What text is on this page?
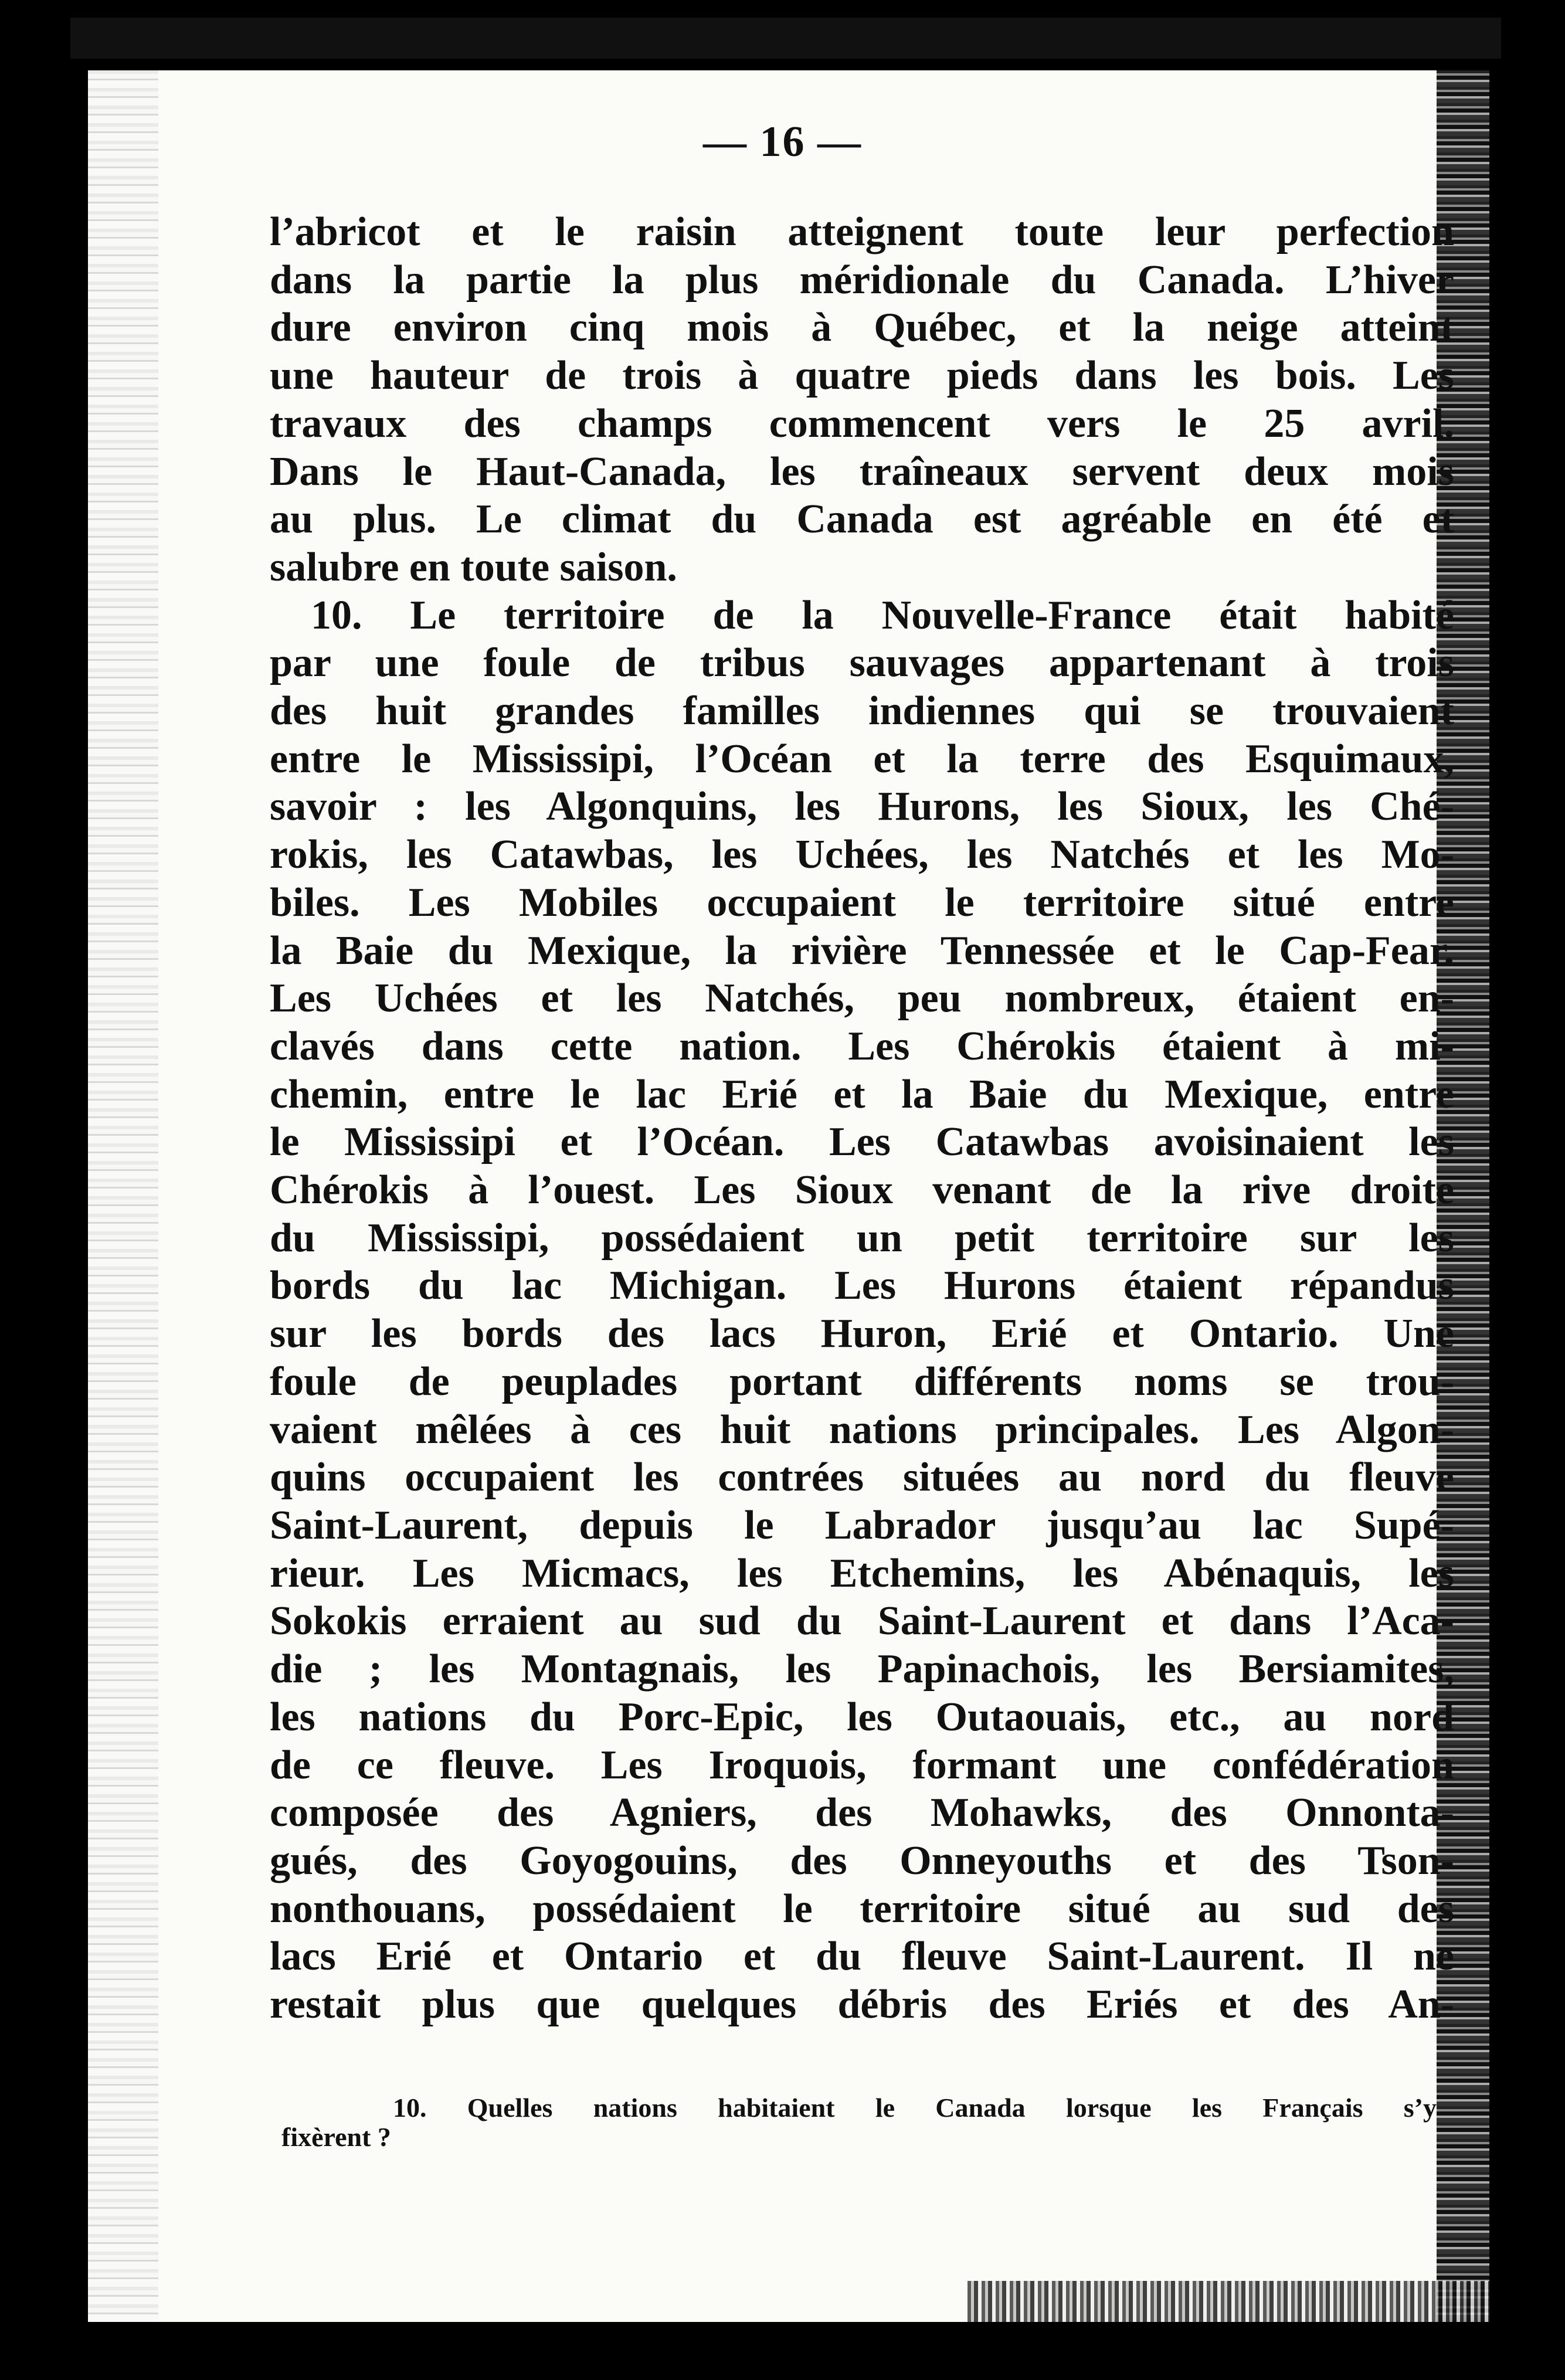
— 16 —
l’abricot et le raisin atteignent toute leur perfection
dans la partie la plus méridionale du Canada. L’hiver
dure environ cinq mois à Québec, et la neige atteint
une hauteur de trois à quatre pieds dans les bois. Les
travaux des champs commencent vers le 25 avril.
Dans le Haut-Canada, les traîneaux servent deux mois
au plus. Le climat du Canada est agréable en été et
salubre en toute saison.
10. Le territoire de la Nouvelle-France était habité
par une foule de tribus sauvages appartenant à trois
des huit grandes familles indiennes qui se trouvaient
entre le Mississipi, l’Océan et la terre des Esquimaux,
savoir : les Algonquins, les Hurons, les Sioux, les Ché-
rokis, les Catawbas, les Uchées, les Natchés et les Mo-
biles. Les Mobiles occupaient le territoire situé entre
la Baie du Mexique, la rivière Tennessée et le Cap-Fear.
Les Uchées et les Natchés, peu nombreux, étaient en-
clavés dans cette nation. Les Chérokis étaient à mi-
chemin, entre le lac Erié et la Baie du Mexique, entre
le Mississipi et l’Océan. Les Catawbas avoisinaient les
Chérokis à l’ouest. Les Sioux venant de la rive droite
du Mississipi, possédaient un petit territoire sur les
bords du lac Michigan. Les Hurons étaient répandus
sur les bords des lacs Huron, Erié et Ontario. Une
foule de peuplades portant différents noms se trou-
vaient mêlées à ces huit nations principales. Les Algon-
quins occupaient les contrées situées au nord du fleuve
Saint-Laurent, depuis le Labrador jusqu’au lac Supé-
rieur. Les Micmacs, les Etchemins, les Abénaquis, les
Sokokis erraient au sud du Saint-Laurent et dans l’Aca-
die ; les Montagnais, les Papinachois, les Bersiamites,
les nations du Porc-Epic, les Outaouais, etc., au nord
de ce fleuve. Les Iroquois, formant une confédération
composée des Agniers, des Mohawks, des Onnonta-
gués, des Goyogouins, des Onneyouths et des Tson-
nonthouans, possédaient le territoire situé au sud des
lacs Erié et Ontario et du fleuve Saint-Laurent. Il ne
restait plus que quelques débris des Eriés et des An-
10. Quelles nations habitaient le Canada lorsque les Français s’y
fixèrent ?
